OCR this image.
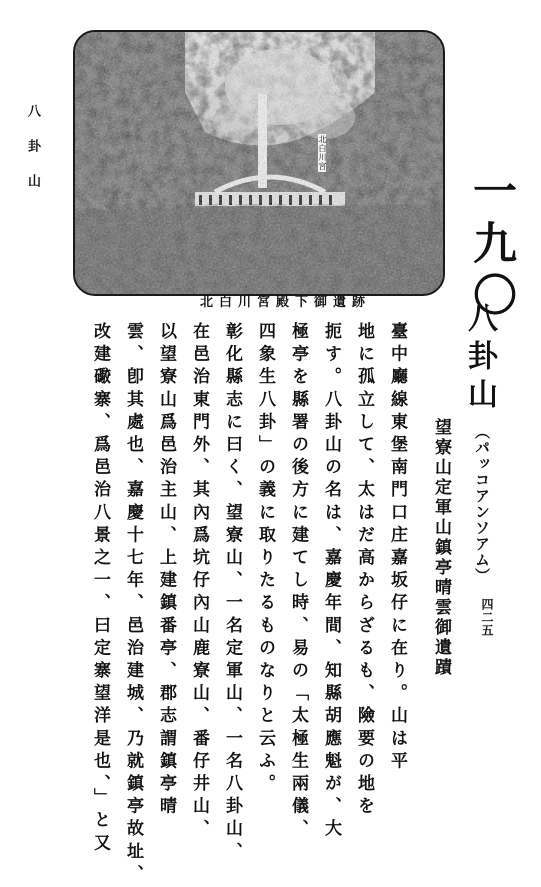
八卦山
四二五
北白川宮
北白川宮殿下御遺跡 一九〇
八卦山
（パッコアンソアム）
望寮山定軍山鎮亭晴雲御遺蹟
臺中廳線東堡南門口庄嘉坂仔に在り。山は平
地に孤立して、太はだ高からざるも、險要の地を
扼す。八卦山の名は、嘉慶年間、知縣胡應魁が、大
極亭を縣署の後方に建てし時、易の「太極生兩儀、
四象生八卦」の義に取りたるものなりと云ふ。
彰化縣志に曰く、望寮山、一名定軍山、一名八卦山、
在邑治東門外、其內爲坑仔內山鹿寮山、番仔井山、
以望寮山爲邑治主山、上建鎮番亭、郡志謂鎮亭晴
雲、卽其處也、嘉慶十七年、邑治建城、乃就鎮亭故址、
改建礮寨、爲邑治八景之一、曰定寨望洋是也、」と又
